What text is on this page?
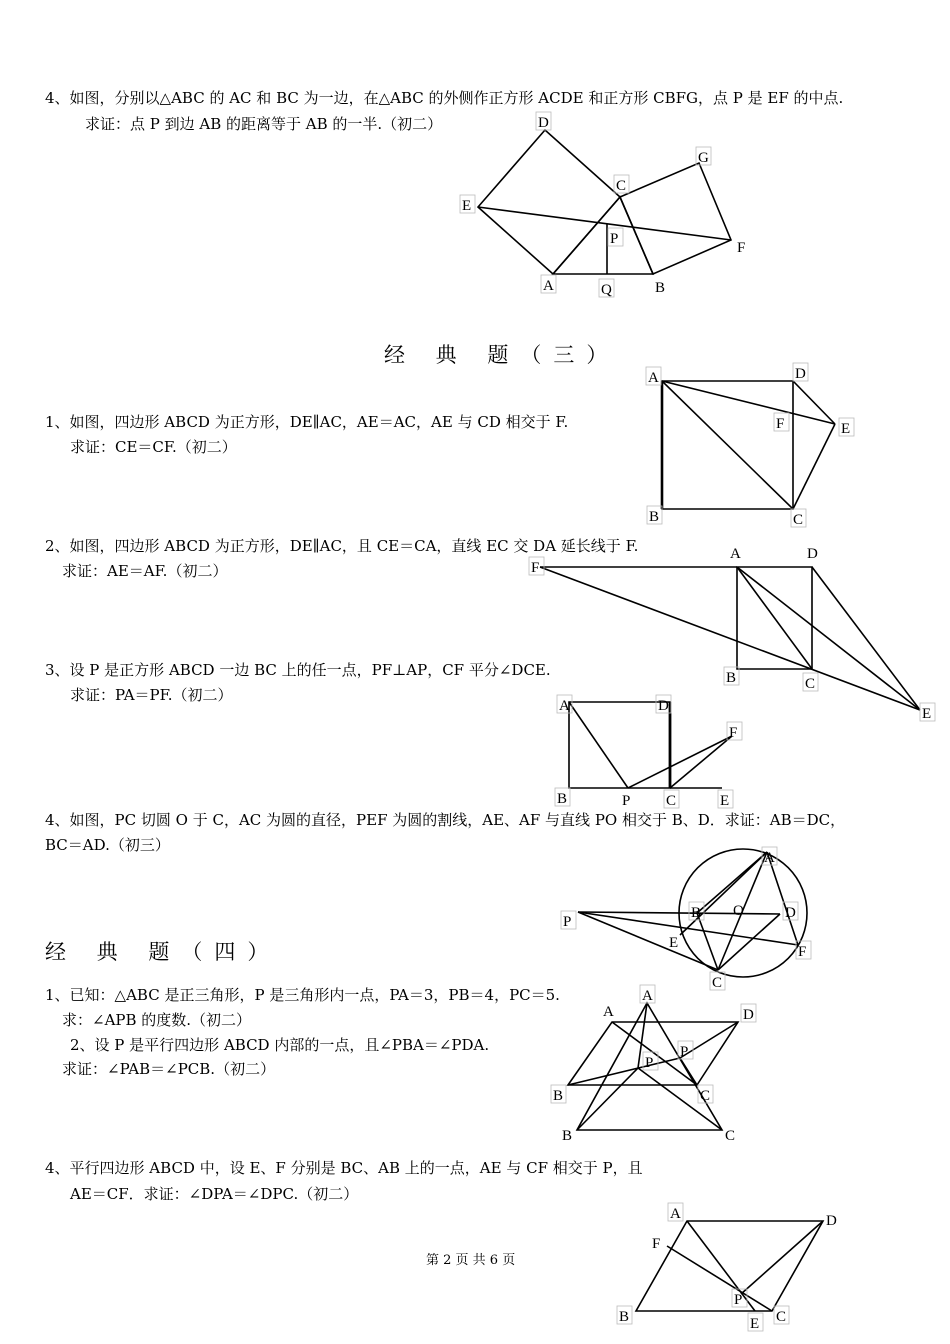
4、如图，分别以△ABC 的 AC 和 BC 为一边，在△ABC 的外侧作正方形 ACDE 和正方形 CBFG，点 P 是 EF 的中点.
求证：点 P 到边 AB 的距离等于 AB 的一半.（初二）	D
G
C
E
P
F
A	Q	B
经 典 题（三）
1、如图，四边形 ABCD 为正方形，DE∥AC，AE＝AC，AE 与 CD 相交于 F.
求证：CE＝CF.（初二）
A	D
F	E
B	C
2、如图，四边形 ABCD 为正方形，DE∥AC，且 CE＝CA，直线 EC 交 DA 延长线于 F.
求证：AE＝AF.（初二）	F
A	D
B	C
E
3、设 P 是正方形 ABCD 一边 BC 上的任一点，PF⊥AP，CF 平分∠DCE.
求证：PA＝PF.（初二）
A	D
F
B	P C	E
4、如图，PC 切圆 O 于 C，AC 为圆的直径，PEF 为圆的割线，AE、AF 与直线 PO 相交于 B、D．求证：AB＝DC，
BC＝AD.（初三）
A
B O	D
P
E
F
C
经 典 题（四）
1、已知：△ABC 是正三角形，P 是三角形内一点，PA＝3，PB＝4，PC＝5.
求：∠APB 的度数.（初二）
2、设 P 是平行四边形 ABCD 内部的一点，且∠PBA＝∠PDA.
求证：∠PAB＝∠PCB.（初二）
A
A	D
P
P
B	C
B	C
4、平行四边形 ABCD 中，设 E、F 分别是 BC、AB 上的一点，AE 与 CF 相交于 P，且
AE＝CF．求证：∠DPA＝∠DPC.（初二）
A	D
F
P
B	E C
第 2 页 共 6 页
